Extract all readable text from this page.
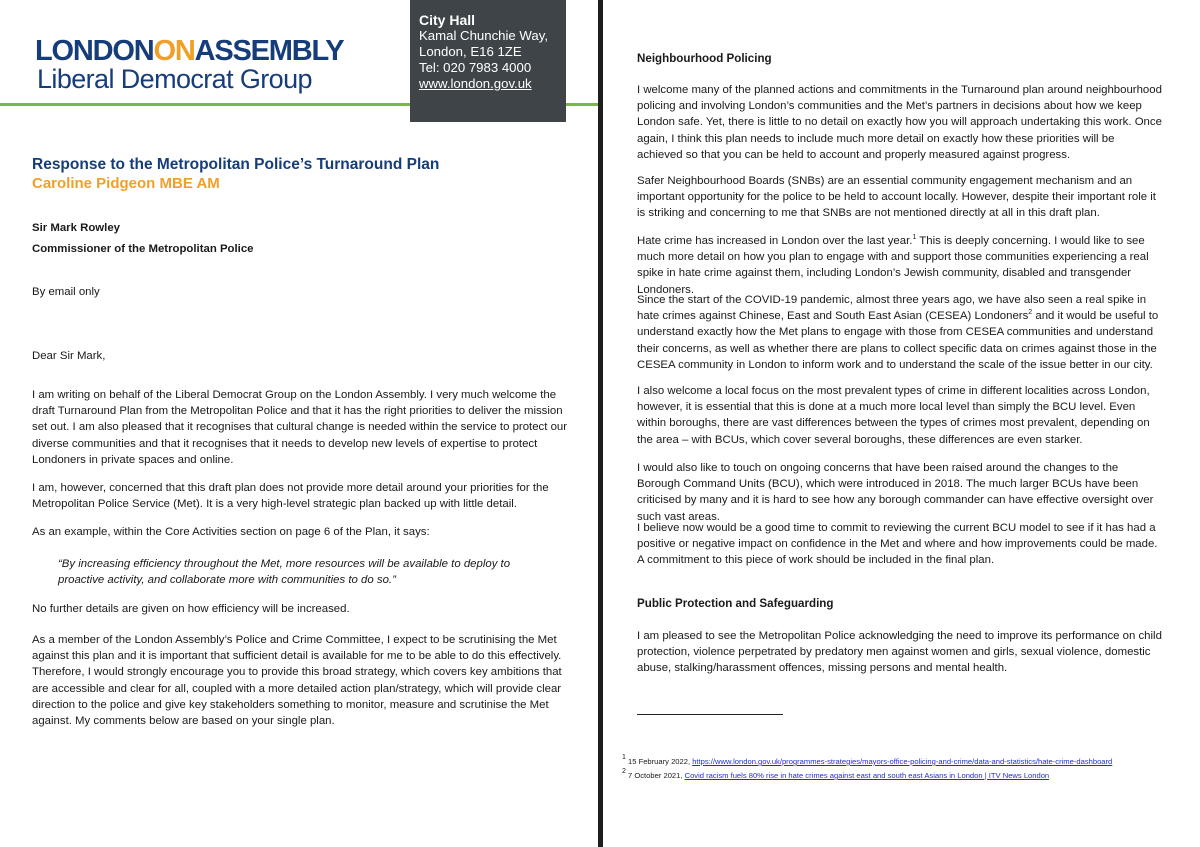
LONDONONASSEMBLY
Liberal Democrat Group
City Hall
Kamal Chunchie Way,
London, E16 1ZE
Tel: 020 7983 4000
www.london.gov.uk
Response to the Metropolitan Police’s Turnaround Plan
Caroline Pidgeon MBE AM
Sir Mark Rowley
Commissioner of the Metropolitan Police
By email only
Dear Sir Mark,
I am writing on behalf of the Liberal Democrat Group on the London Assembly. I very much welcome the draft Turnaround Plan from the Metropolitan Police and that it has the right priorities to deliver the mission set out. I am also pleased that it recognises that cultural change is needed within the service to protect our diverse communities and that it recognises that it needs to develop new levels of expertise to protect Londoners in private spaces and online.
I am, however, concerned that this draft plan does not provide more detail around your priorities for the Metropolitan Police Service (Met). It is a very high-level strategic plan backed up with little detail.
As an example, within the Core Activities section on page 6 of the Plan, it says:
“By increasing efficiency throughout the Met, more resources will be available to deploy to proactive activity, and collaborate more with communities to do so.”
No further details are given on how efficiency will be increased.
As a member of the London Assembly’s Police and Crime Committee, I expect to be scrutinising the Met against this plan and it is important that sufficient detail is available for me to be able to do this effectively. Therefore, I would strongly encourage you to provide this broad strategy, which covers key ambitions that are accessible and clear for all, coupled with a more detailed action plan/strategy, which will provide clear direction to the police and give key stakeholders something to monitor, measure and scrutinise the Met against. My comments below are based on your single plan.
Neighbourhood Policing
I welcome many of the planned actions and commitments in the Turnaround plan around neighbourhood policing and involving London’s communities and the Met’s partners in decisions about how we keep London safe. Yet, there is little to no detail on exactly how you will approach undertaking this work. Once again, I think this plan needs to include much more detail on exactly how these priorities will be achieved so that you can be held to account and properly measured against progress.
Safer Neighbourhood Boards (SNBs) are an essential community engagement mechanism and an important opportunity for the police to be held to account locally. However, despite their important role it is striking and concerning to me that SNBs are not mentioned directly at all in this draft plan.
Hate crime has increased in London over the last year.$^1$ This is deeply concerning. I would like to see much more detail on how you plan to engage with and support those communities experiencing a real spike in hate crime against them, including London’s Jewish community, disabled and transgender Londoners.
Since the start of the COVID-19 pandemic, almost three years ago, we have also seen a real spike in hate crimes against Chinese, East and South East Asian (CESEA) Londoners$^2$ and it would be useful to understand exactly how the Met plans to engage with those from CESEA communities and understand their concerns, as well as whether there are plans to collect specific data on crimes against those in the CESEA community in London to inform work and to understand the scale of the issue better in our city.
I also welcome a local focus on the most prevalent types of crime in different localities across London, however, it is essential that this is done at a much more local level than simply the BCU level. Even within boroughs, there are vast differences between the types of crimes most prevalent, depending on the area – with BCUs, which cover several boroughs, these differences are even starker.
I would also like to touch on ongoing concerns that have been raised around the changes to the Borough Command Units (BCU), which were introduced in 2018. The much larger BCUs have been criticised by many and it is hard to see how any borough commander can have effective oversight over such vast areas.
I believe now would be a good time to commit to reviewing the current BCU model to see if it has had a positive or negative impact on confidence in the Met and where and how improvements could be made. A commitment to this piece of work should be included in the final plan.
Public Protection and Safeguarding
I am pleased to see the Metropolitan Police acknowledging the need to improve its performance on child protection, violence perpetrated by predatory men against women and girls, sexual violence, domestic abuse, stalking/harassment offences, missing persons and mental health.
$^1$ 15 February 2022, https://www.london.gov.uk/programmes-strategies/mayors-office-policing-and-crime/data-and-statistics/hate-crime-dashboard
$^2$ 7 October 2021, Covid racism fuels 80% rise in hate crimes against east and south east Asians in London | ITV News London
